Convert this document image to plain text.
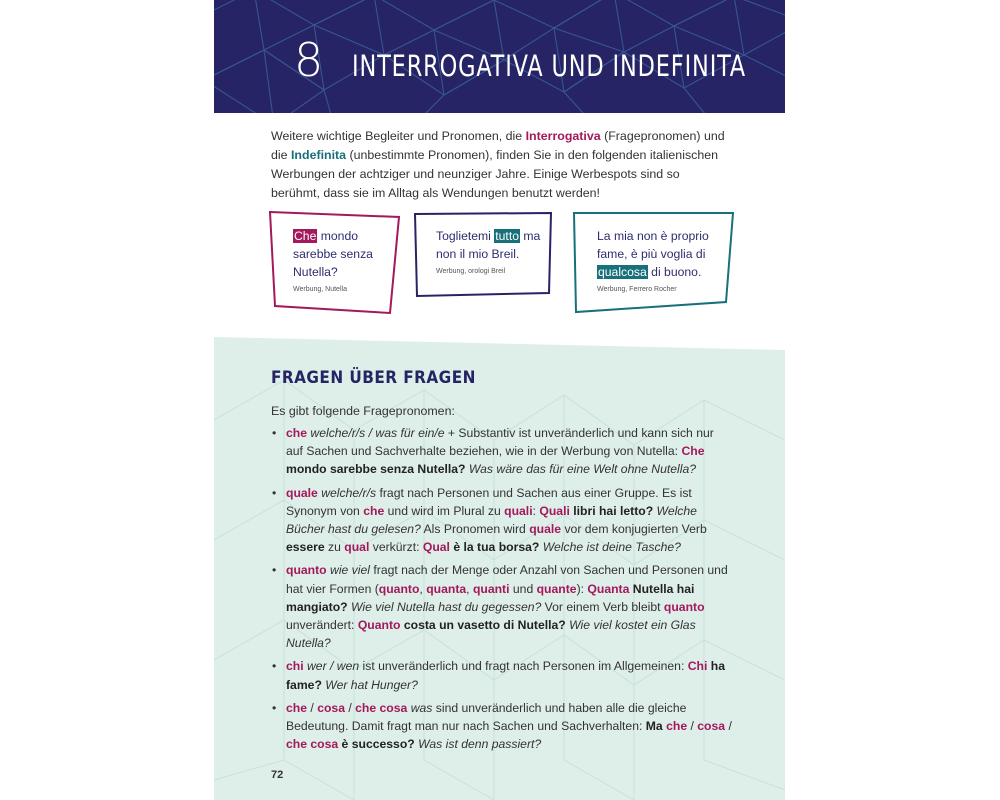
8 INTERROGATIVA UND INDEFINITA
Weitere wichtige Begleiter und Pronomen, die Interrogativa (Fragepronomen) und die Indefinita (unbestimmte Pronomen), finden Sie in den folgenden italienischen Werbungen der achtziger und neunziger Jahre. Einige Werbespots sind so berühmt, dass sie im Alltag als Wendungen benutzt werden!
Che mondo sarebbe senza Nutella?
Werbung, Nutella
Toglietemi tutto ma non il mio Breil.
Werbung, orologi Breil
La mia non è proprio fame, è più voglia di qualcosa di buono.
Werbung, Ferrero Rocher
FRAGEN ÜBER FRAGEN
Es gibt folgende Fragepronomen:
• che welche/r/s / was für ein/e + Substantiv ist unveränderlich und kann sich nur auf Sachen und Sachverhalte beziehen, wie in der Werbung von Nutella: Che mondo sarebbe senza Nutella? Was wäre das für eine Welt ohne Nutella?
• quale welche/r/s fragt nach Personen und Sachen aus einer Gruppe. Es ist Synonym von che und wird im Plural zu quali: Quali libri hai letto? Welche Bücher hast du gelesen? Als Pronomen wird quale vor dem konjugierten Verb essere zu qual verkürzt: Qual è la tua borsa? Welche ist deine Tasche?
• quanto wie viel fragt nach der Menge oder Anzahl von Sachen und Personen und hat vier Formen (quanto, quanta, quanti und quante): Quanta Nutella hai mangiato? Wie viel Nutella hast du gegessen? Vor einem Verb bleibt quanto unverändert: Quanto costa un vasetto di Nutella? Wie viel kostet ein Glas Nutella?
• chi wer / wen ist unveränderlich und fragt nach Personen im Allgemeinen: Chi ha fame? Wer hat Hunger?
• che / cosa / che cosa was sind unveränderlich und haben alle die gleiche Bedeutung. Damit fragt man nur nach Sachen und Sachverhalten: Ma che / cosa / che cosa è successo? Was ist denn passiert?
72
